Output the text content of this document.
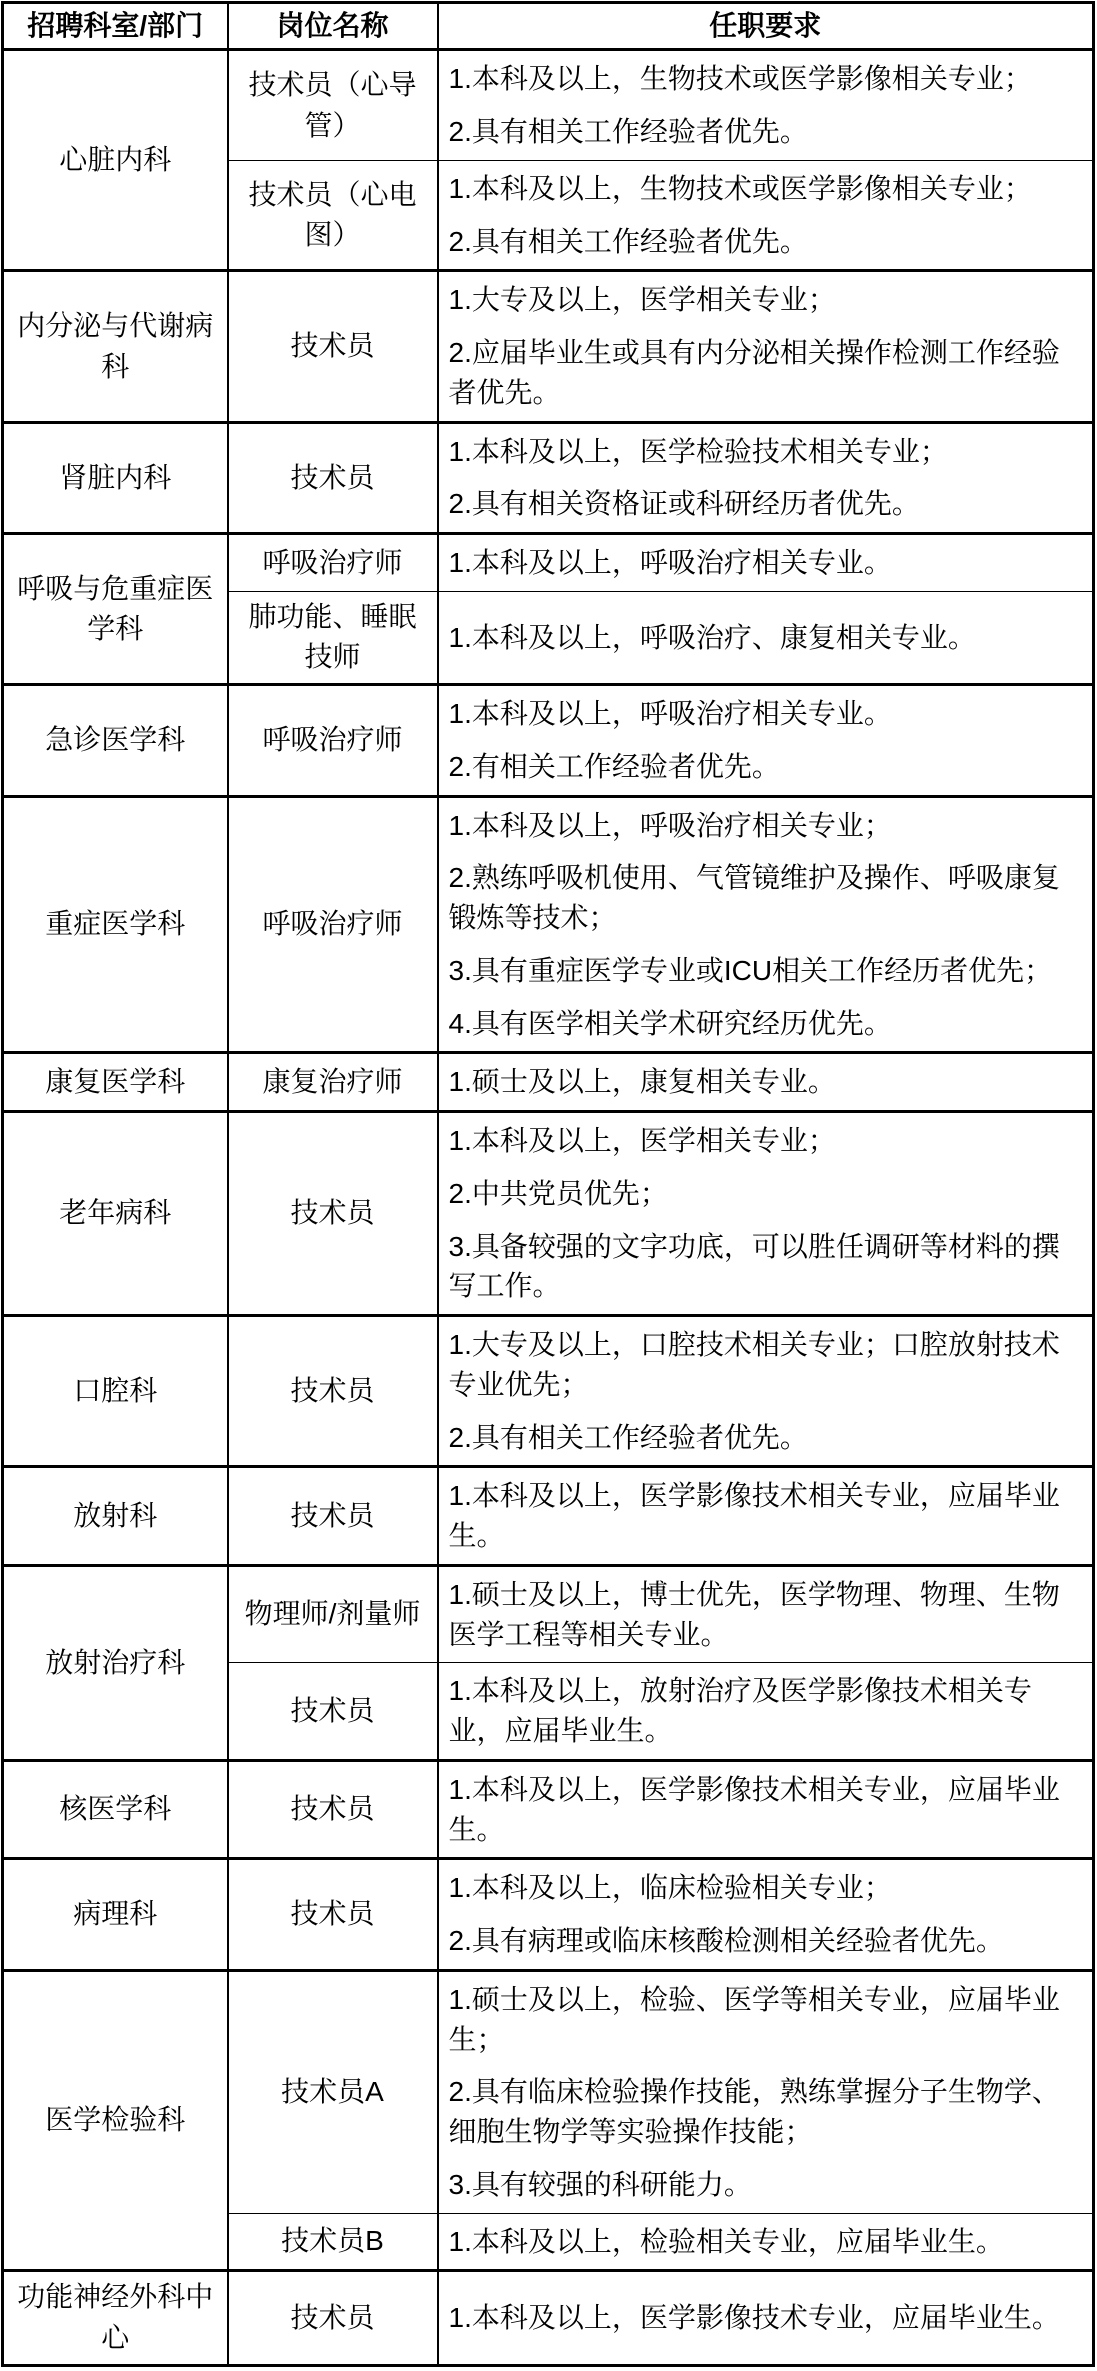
招聘科室/部门	岗位名称	任职要求
心脏内科	技术员（心导管）	1.本科及以上，生物技术或医学影像相关专业；
2.具有相关工作经验者优先。

	技术员（心电图）	1.本科及以上，生物技术或医学影像相关专业；
2.具有相关工作经验者优先。

内分泌与代谢病科	技术员	1.大专及以上，医学相关专业；
2.应届毕业生或具有内分泌相关操作检测工作经验者优先。

肾脏内科	技术员	1.本科及以上，医学检验技术相关专业；
2.具有相关资格证或科研经历者优先。

呼吸与危重症医学科	呼吸治疗师	1.本科及以上，呼吸治疗相关专业。

	肺功能、睡眠技师	1.本科及以上，呼吸治疗、康复相关专业。

急诊医学科	呼吸治疗师	1.本科及以上，呼吸治疗相关专业。
2.有相关工作经验者优先。

重症医学科	呼吸治疗师	1.本科及以上，呼吸治疗相关专业；
2.熟练呼吸机使用、气管镜维护及操作、呼吸康复锻炼等技术；
3.具有重症医学专业或ICU相关工作经历者优先；
4.具有医学相关学术研究经历优先。

康复医学科	康复治疗师	1.硕士及以上，康复相关专业。

老年病科	技术员	1.本科及以上，医学相关专业；
2.中共党员优先；
3.具备较强的文字功底，可以胜任调研等材料的撰写工作。

口腔科	技术员	1.大专及以上，口腔技术相关专业；口腔放射技术专业优先；
2.具有相关工作经验者优先。

放射科	技术员	1.本科及以上，医学影像技术相关专业，应届毕业生。

放射治疗科	物理师/剂量师	1.硕士及以上，博士优先，医学物理、物理、生物医学工程等相关专业。

	技术员	1.本科及以上，放射治疗及医学影像技术相关专业，应届毕业生。

核医学科	技术员	1.本科及以上，医学影像技术相关专业，应届毕业生。

病理科	技术员	1.本科及以上，临床检验相关专业；
2.具有病理或临床核酸检测相关经验者优先。

医学检验科	技术员A	1.硕士及以上，检验、医学等相关专业，应届毕业生；
2.具有临床检验操作技能，熟练掌握分子生物学、细胞生物学等实验操作技能；
3.具有较强的科研能力。

	技术员B	1.本科及以上，检验相关专业，应届毕业生。

功能神经外科中心	技术员	1.本科及以上，医学影像技术专业，应届毕业生。
